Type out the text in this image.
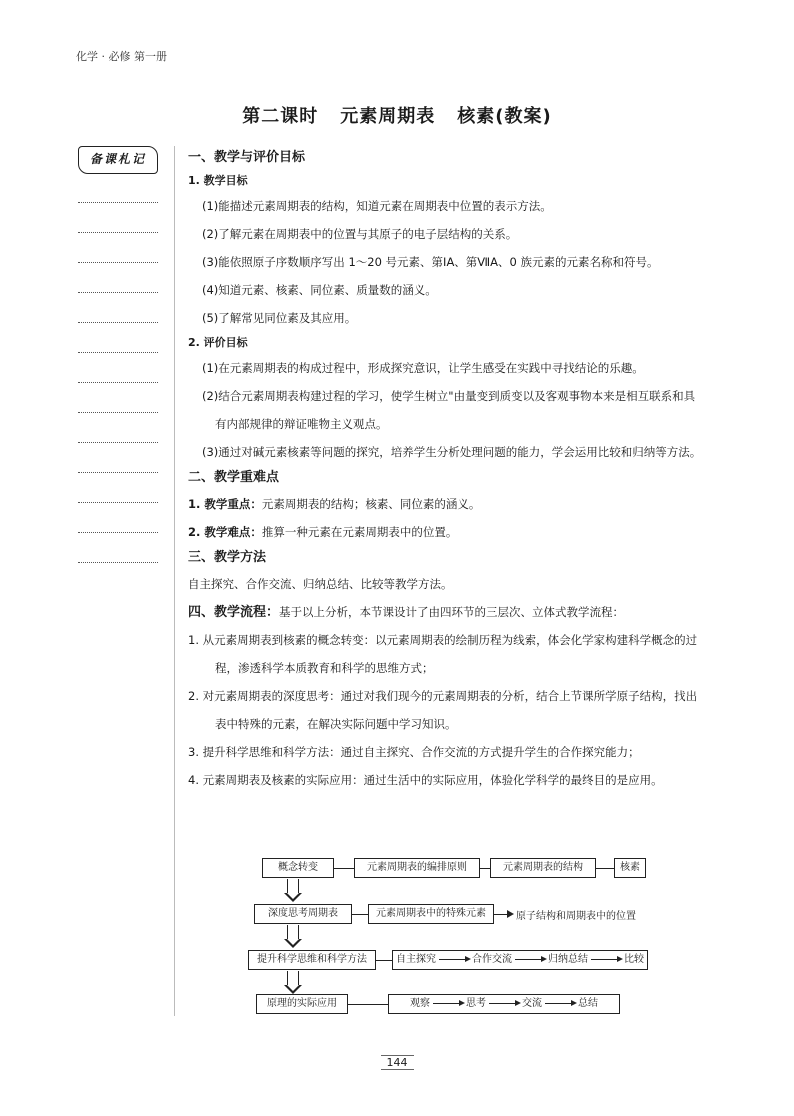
化学 · 必修 第一册
第二课时 元素周期表 核素(教案)
备课札记	一、教学与评价目标
1. 教学目标
(1)能描述元素周期表的结构，知道元素在周期表中位置的表示方法。
(2)了解元素在周期表中的位置与其原子的电子层结构的关系。
(3)能依照原子序数顺序写出 1～20 号元素、第ⅠA、第ⅦA、0 族元素的元素名称和符号。
(4)知道元素、核素、同位素、质量数的涵义。
(5)了解常见同位素及其应用。
2. 评价目标
(1)在元素周期表的构成过程中，形成探究意识，让学生感受在实践中寻找结论的乐趣。
(2)结合元素周期表构建过程的学习，使学生树立"由量变到质变以及客观事物本来是相互联系和具
有内部规律的辩证唯物主义观点。
(3)通过对碱元素核素等问题的探究，培养学生分析处理问题的能力，学会运用比较和归纳等方法。
二、教学重难点
1. 教学重点：元素周期表的结构；核素、同位素的涵义。
2. 教学难点：推算一种元素在元素周期表中的位置。
三、教学方法
自主探究、合作交流、归纳总结、比较等教学方法。
四、教学流程：基于以上分析，本节课设计了由四环节的三层次、立体式教学流程：
1. 从元素周期表到核素的概念转变：以元素周期表的绘制历程为线索，体会化学家构建科学概念的过
程，渗透科学本质教育和科学的思维方式；
2. 对元素周期表的深度思考：通过对我们现今的元素周期表的分析，结合上节课所学原子结构，找出
表中特殊的元素，在解决实际问题中学习知识。
3. 提升科学思维和科学方法：通过自主探究、合作交流的方式提升学生的合作探究能力；
4. 元素周期表及核素的实际应用：通过生活中的实际应用，体验化学科学的最终目的是应用。
概念转变	元素周期表的编排原则	元素周期表的结构	核素
深度思考周期表	元素周期表中的特殊元素	原子结构和周期表中的位置
提升科学思维和科学方法	自主探究	合作交流	归纳总结	比较
原理的实际应用	观察	思考	交流	总结
144
